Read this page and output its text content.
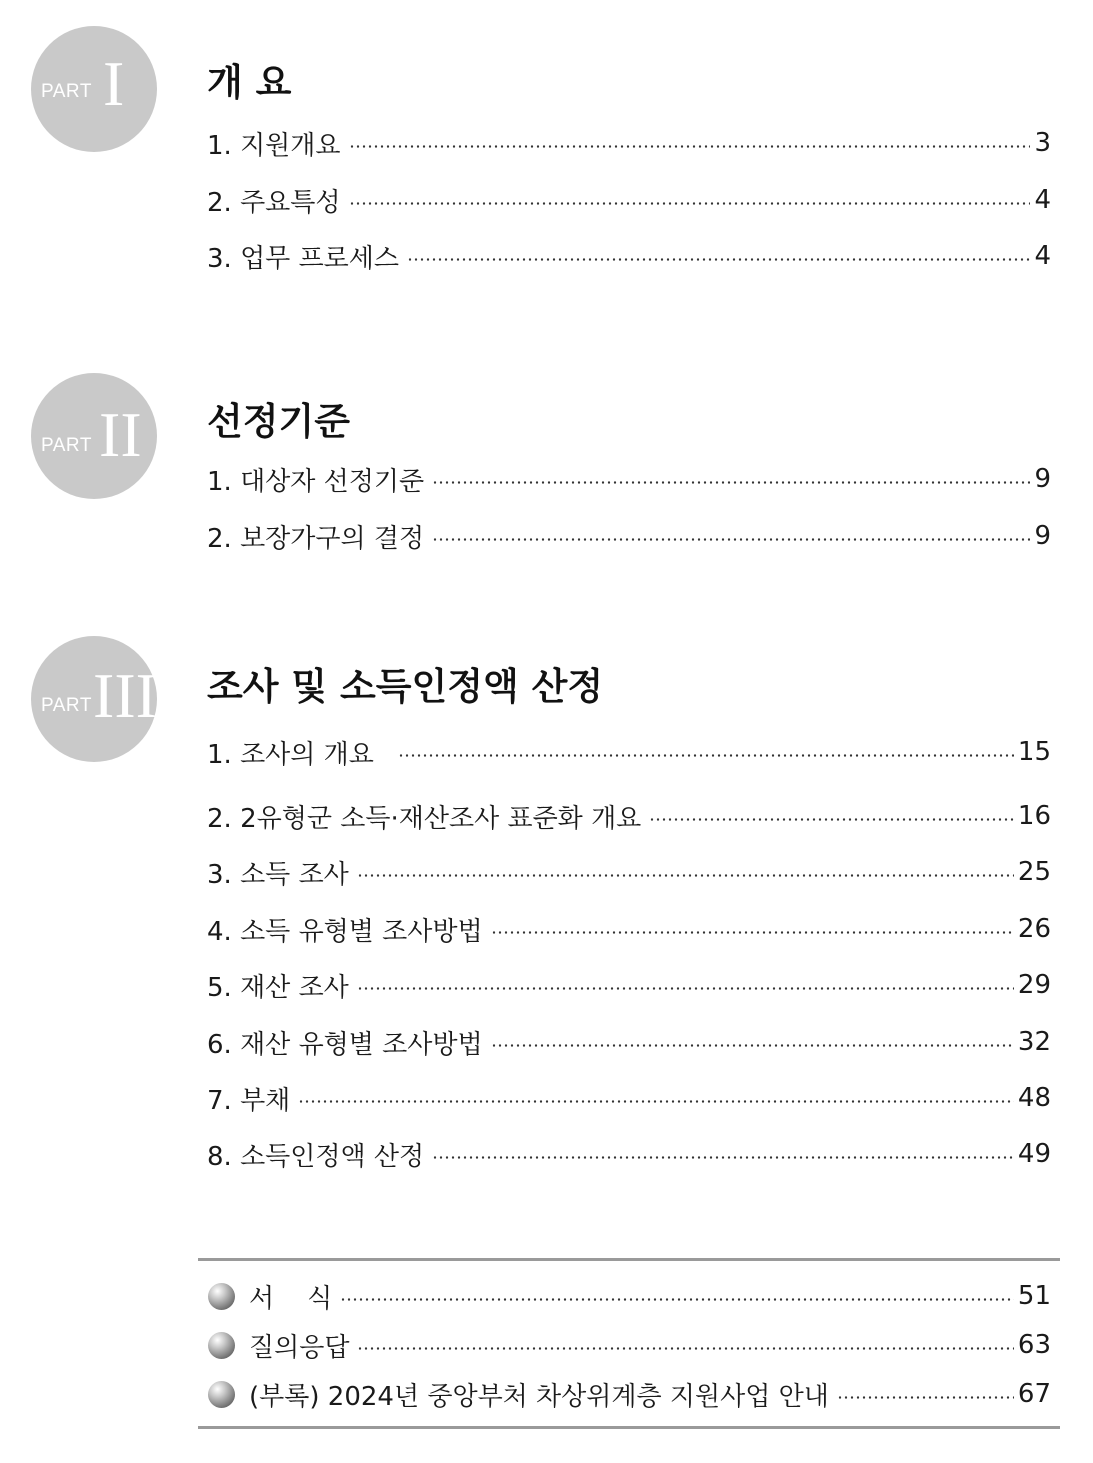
PART I 개 요
1. 지원개요	3
2. 주요특성	4
3. 업무 프로세스	4
PART II 선정기준
1. 대상자 선정기준	9
2. 보장가구의 결정	9
PART III 조사 및 소득인정액 산정
1. 조사의 개요	15
2. 2유형군 소득·재산조사 표준화 개요	16
3. 소득 조사	25
4. 소득 유형별 조사방법	26
5. 재산 조사	29
6. 재산 유형별 조사방법	32
7. 부채	48
8. 소득인정액 산정	49
서    식	51
질의응답	63
(부록) 2024년 중앙부처 차상위계층 지원사업 안내	67
